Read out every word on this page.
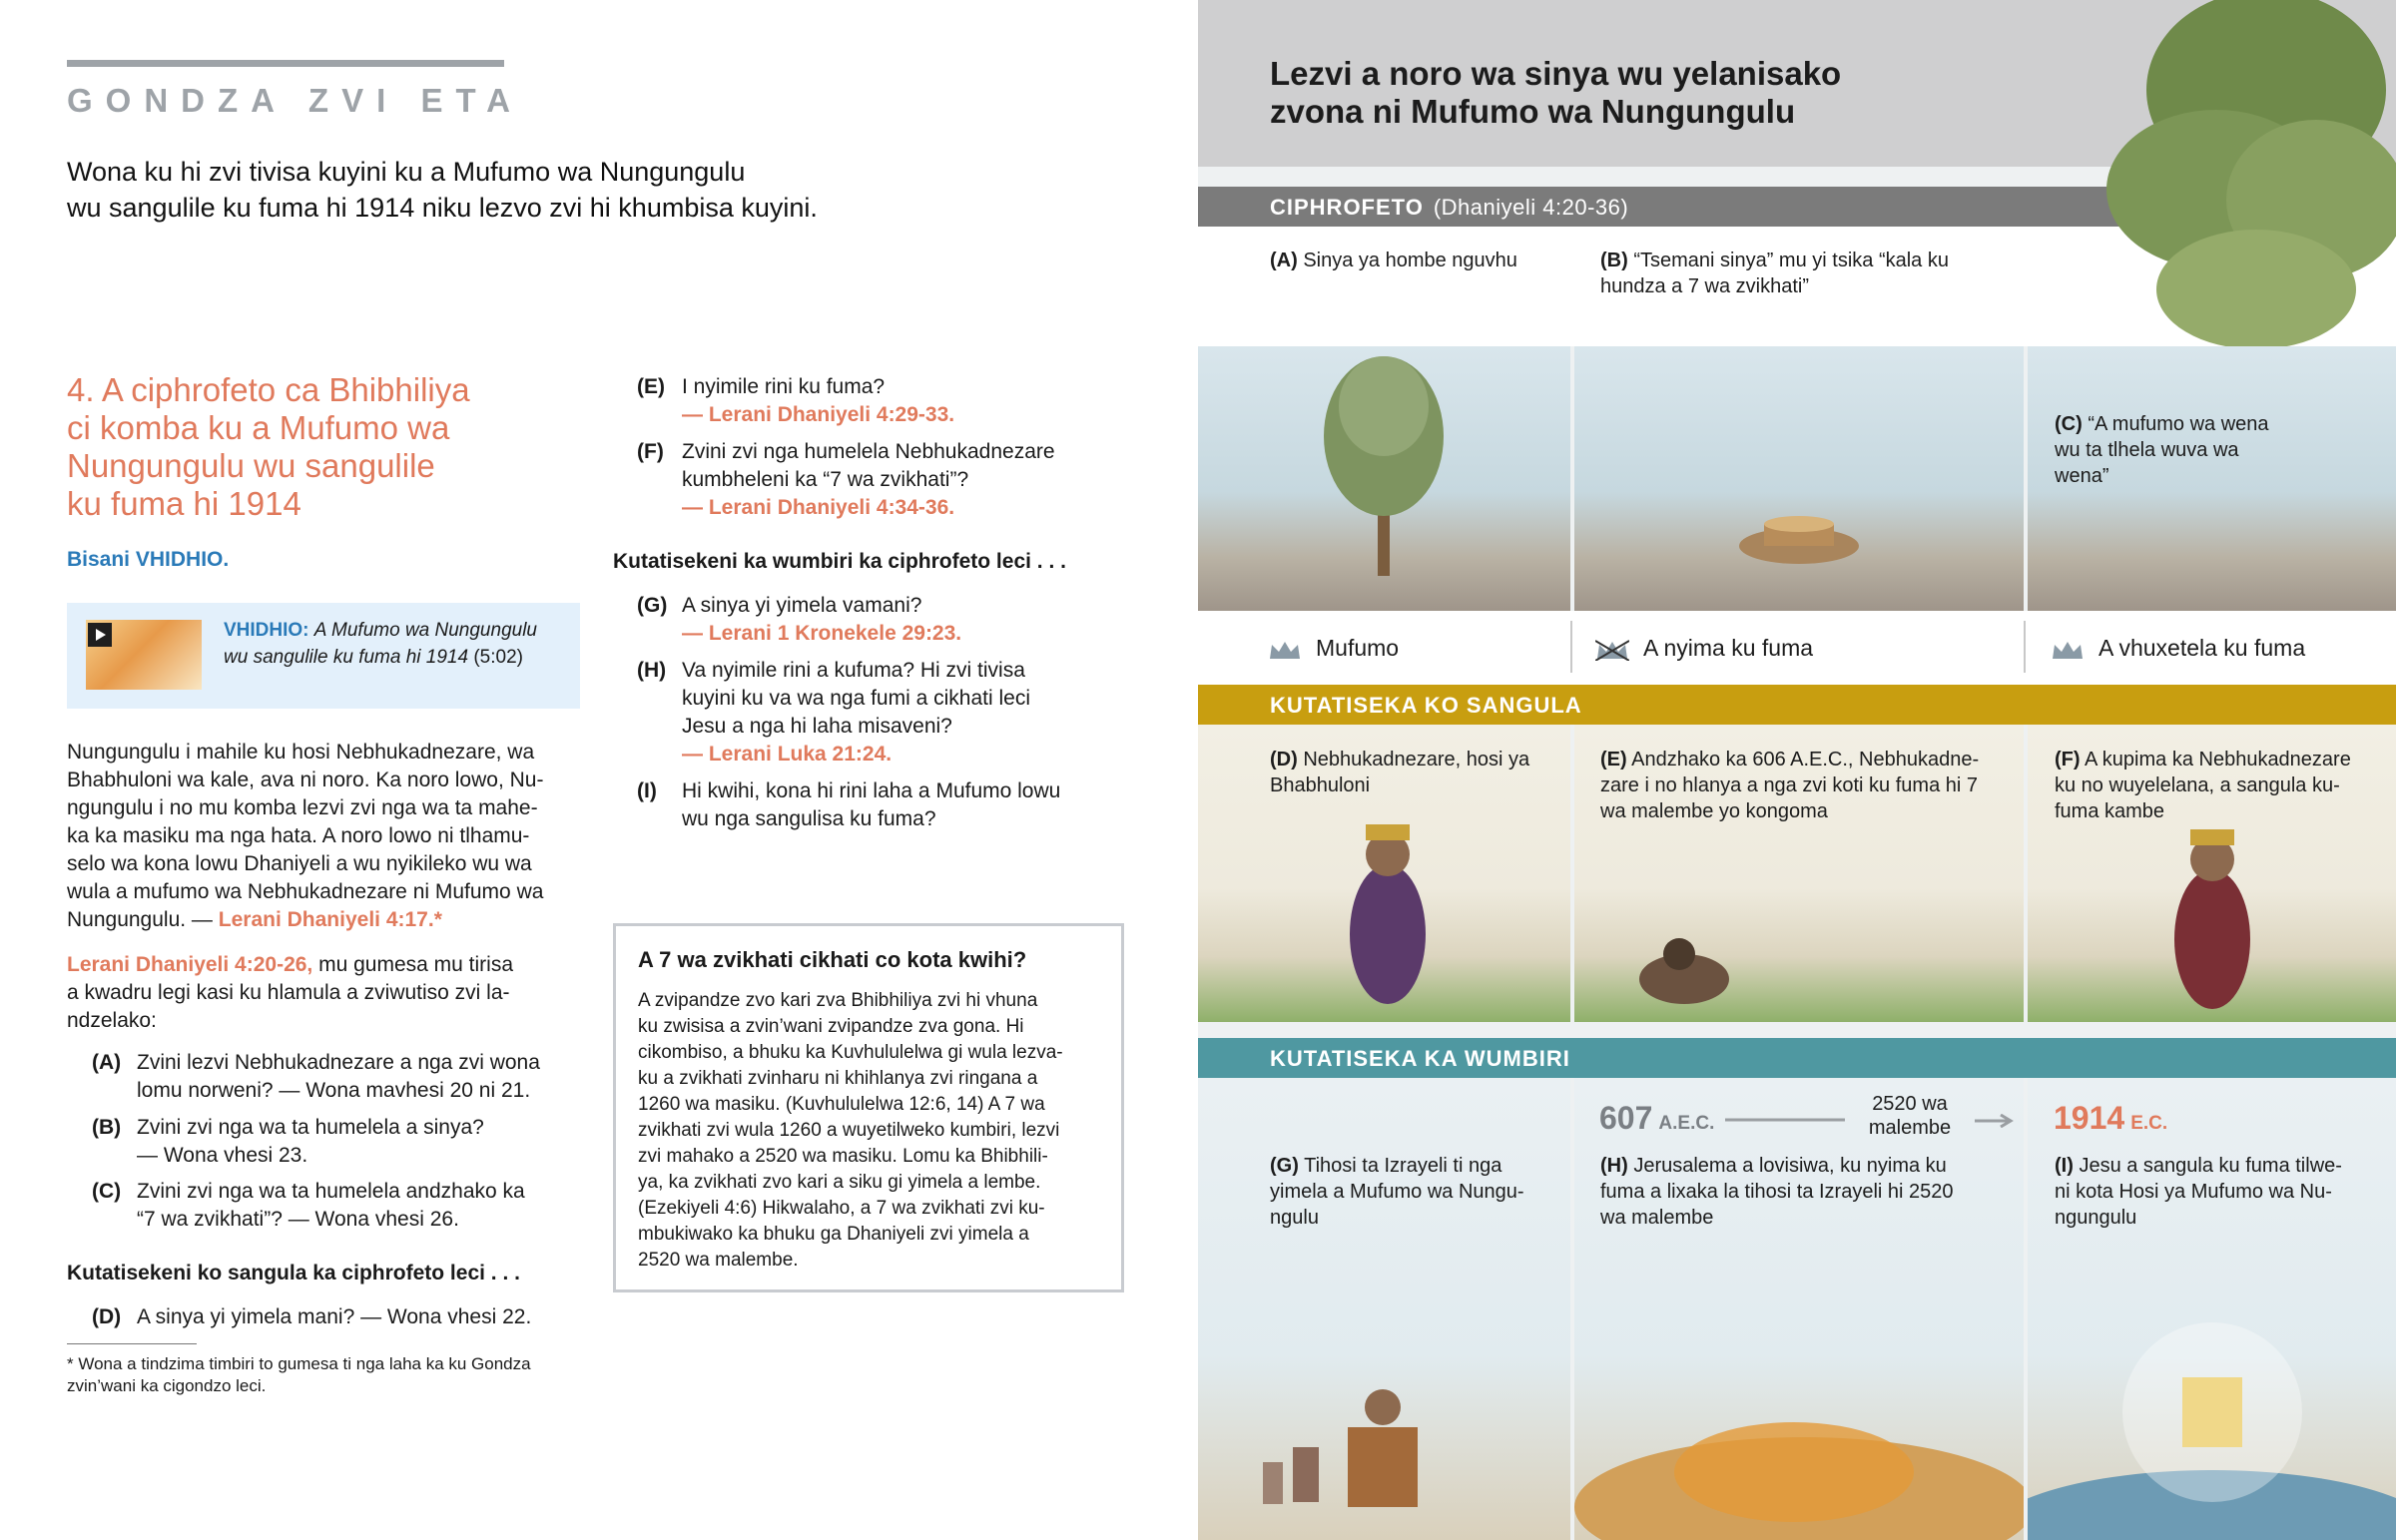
GONDZA ZVI ETA
Wona ku hi zvi tivisa kuyini ku a Mufumo wa Nungungulu
wu sangulile ku fuma hi 1914 niku lezvo zvi hi khumbisa kuyini.
4. A ciphrofeto ca Bhibhiliya
ci komba ku a Mufumo wa
Nungungulu wu sangulile
ku fuma hi 1914
Bisani VHIDHIO.
VHIDHIO: A Mufumo wa Nungungulu
wu sangulile ku fuma hi 1914 (5:02)
Nungungulu i mahile ku hosi Nebhukadnezare, wa
Bhabhuloni wa kale, ava ni noro. Ka noro lowo, Nu-
ngungulu i no mu komba lezvi zvi nga wa ta mahe-
ka ka masiku ma nga hata. A noro lowo ni tlhamu-
selo wa kona lowu Dhaniyeli a wu nyikileko wu wa
wula a mufumo wa Nebhukadnezare ni Mufumo wa
Nungungulu. — Lerani Dhaniyeli 4:17.*
Lerani Dhaniyeli 4:20-26, mu gumesa mu tirisa
a kwadru legi kasi ku hlamula a zviwutiso zvi la-
ndzelako:
(A) Zvini lezvi Nebhukadnezare a nga zvi wona
lomu norweni? — Wona mavhesi 20 ni 21.
(B) Zvini zvi nga wa ta humelela a sinya?
— Wona vhesi 23.
(C) Zvini zvi nga wa ta humelela andzhako ka
“7 wa zvikhati”? — Wona vhesi 26.
Kutatisekeni ko sangula ka ciphrofeto leci . . .
(D) A sinya yi yimela mani? — Wona vhesi 22.
* Wona a tindzima timbiri to gumesa ti nga laha ka ku Gondza
zvin’wani ka cigondzo leci.
(E) I nyimile rini ku fuma?
— Lerani Dhaniyeli 4:29-33.
(F) Zvini zvi nga humelela Nebhukadnezare
kumbheleni ka “7 wa zvikhati”?
— Lerani Dhaniyeli 4:34-36.
Kutatisekeni ka wumbiri ka ciphrofeto leci . . .
(G) A sinya yi yimela vamani?
— Lerani 1 Kronekele 29:23.
(H) Va nyimile rini a kufuma? Hi zvi tivisa
kuyini ku va wa nga fumi a cikhati leci
Jesu a nga hi laha misaveni?
— Lerani Luka 21:24.
(I) Hi kwihi, kona hi rini laha a Mufumo lowu
wu nga sangulisa ku fuma?
A 7 wa zvikhati cikhati co kota kwihi?
A zvipandze zvo kari zva Bhibhiliya zvi hi vhuna
ku zwisisa a zvin’wani zvipandze zva gona. Hi
cikombiso, a bhuku ka Kuvhululelwa gi wula lezva-
ku a zvikhati zvinharu ni khihlanya zvi ringana a
1260 wa masiku. (Kuvhululelwa 12:6, 14) A 7 wa
zvikhati zvi wula 1260 a wuyetilweko kumbiri, lezvi
zvi mahako a 2520 wa masiku. Lomu ka Bhibhili-
ya, ka zvikhati zvo kari a siku gi yimela a lembe.
(Ezekiyeli 4:6) Hikwalaho, a 7 wa zvikhati zvi ku-
mbukiwako ka bhuku ga Dhaniyeli zvi yimela a
2520 wa malembe.
Lezvi a noro wa sinya wu yelanisako
zvona ni Mufumo wa Nungungulu
CIPHROFETO (Dhaniyeli 4:20-36)
(A) Sinya ya hombe nguvhu	(B) “Tsemani sinya” mu yi tsika “kala ku
hundza a 7 wa zvikhati”
(C) “A mufumo wa wena
wu ta tlhela wuva wa
wena”
Mufumo	A nyima ku fuma	A vhuxetela ku fuma
KUTATISEKA KO SANGULA
(D) Nebhukadnezare, hosi ya
Bhabhuloni
(E) Andzhako ka 606 A.E.C., Nebhukadne-
zare i no hlanya a nga zvi koti ku fuma hi 7
wa malembe yo kongoma
(F) A kupima ka Nebhukadnezare
ku no wuyelelana, a sangula ku-
fuma kambe
KUTATISEKA KA WUMBIRI
(G) Tihosi ta Izrayeli ti nga
yimela a Mufumo wa Nungu-
ngulu
607 A.E.C.
2520 wa
malembe
(H) Jerusalema a lovisiwa, ku nyima ku
fuma a lixaka la tihosi ta Izrayeli hi 2520
wa malembe
1914 E.C.
(I) Jesu a sangula ku fuma tilwe-
ni kota Hosi ya Mufumo wa Nu-
ngungulu
